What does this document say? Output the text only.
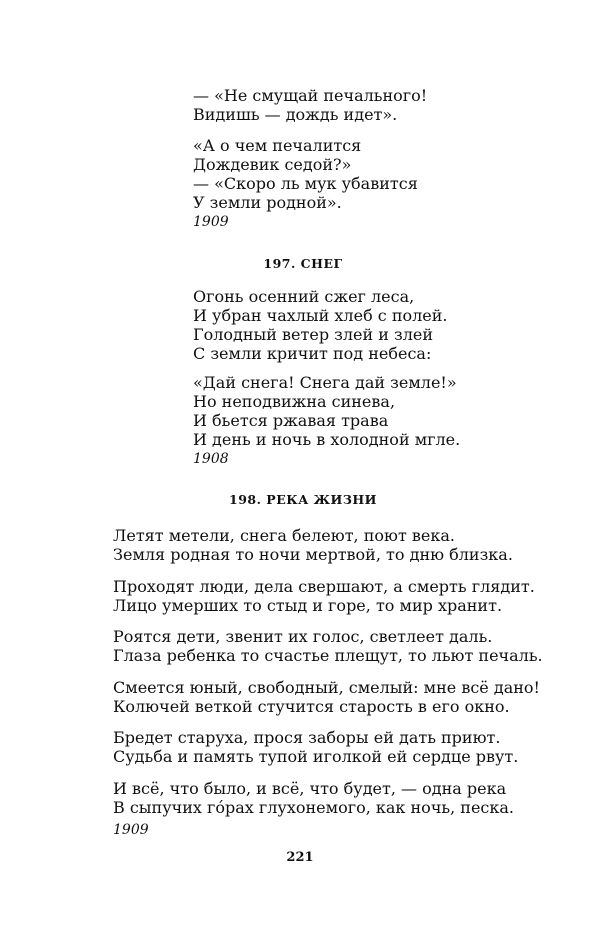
— «Не смущай печального!
Видишь — дождь идет».
«А о чем печалится
Дождевик седой?»
— «Скоро ль мук убавится
У земли родной».
1909
197. СНЕГ
Огонь осенний сжег леса,
И убран чахлый хлеб с полей.
Голодный ветер злей и злей
С земли кричит под небеса:
«Дай снега! Снега дай земле!»
Но неподвижна синева,
И бьется ржавая трава
И день и ночь в холодной мгле.
1908
198. РЕКА ЖИЗНИ
Летят метели, снега белеют, поют века.
Земля родная то ночи мертвой, то дню близка.
Проходят люди, дела свершают, а смерть глядит.
Лицо умерших то стыд и горе, то мир хранит.
Роятся дети, звенит их голос, светлеет даль.
Глаза ребенка то счастье плещут, то льют печаль.
Смеется юный, свободный, смелый: мне всё дано!
Колючей веткой стучится старость в его окно.
Бредет старуха, прося заборы ей дать приют.
Судьба и память тупой иголкой ей сердце рвут.
И всё, что было, и всё, что будет, — одна река
В сыпучих гóрах глухонемого, как ночь, песка.
1909
221
